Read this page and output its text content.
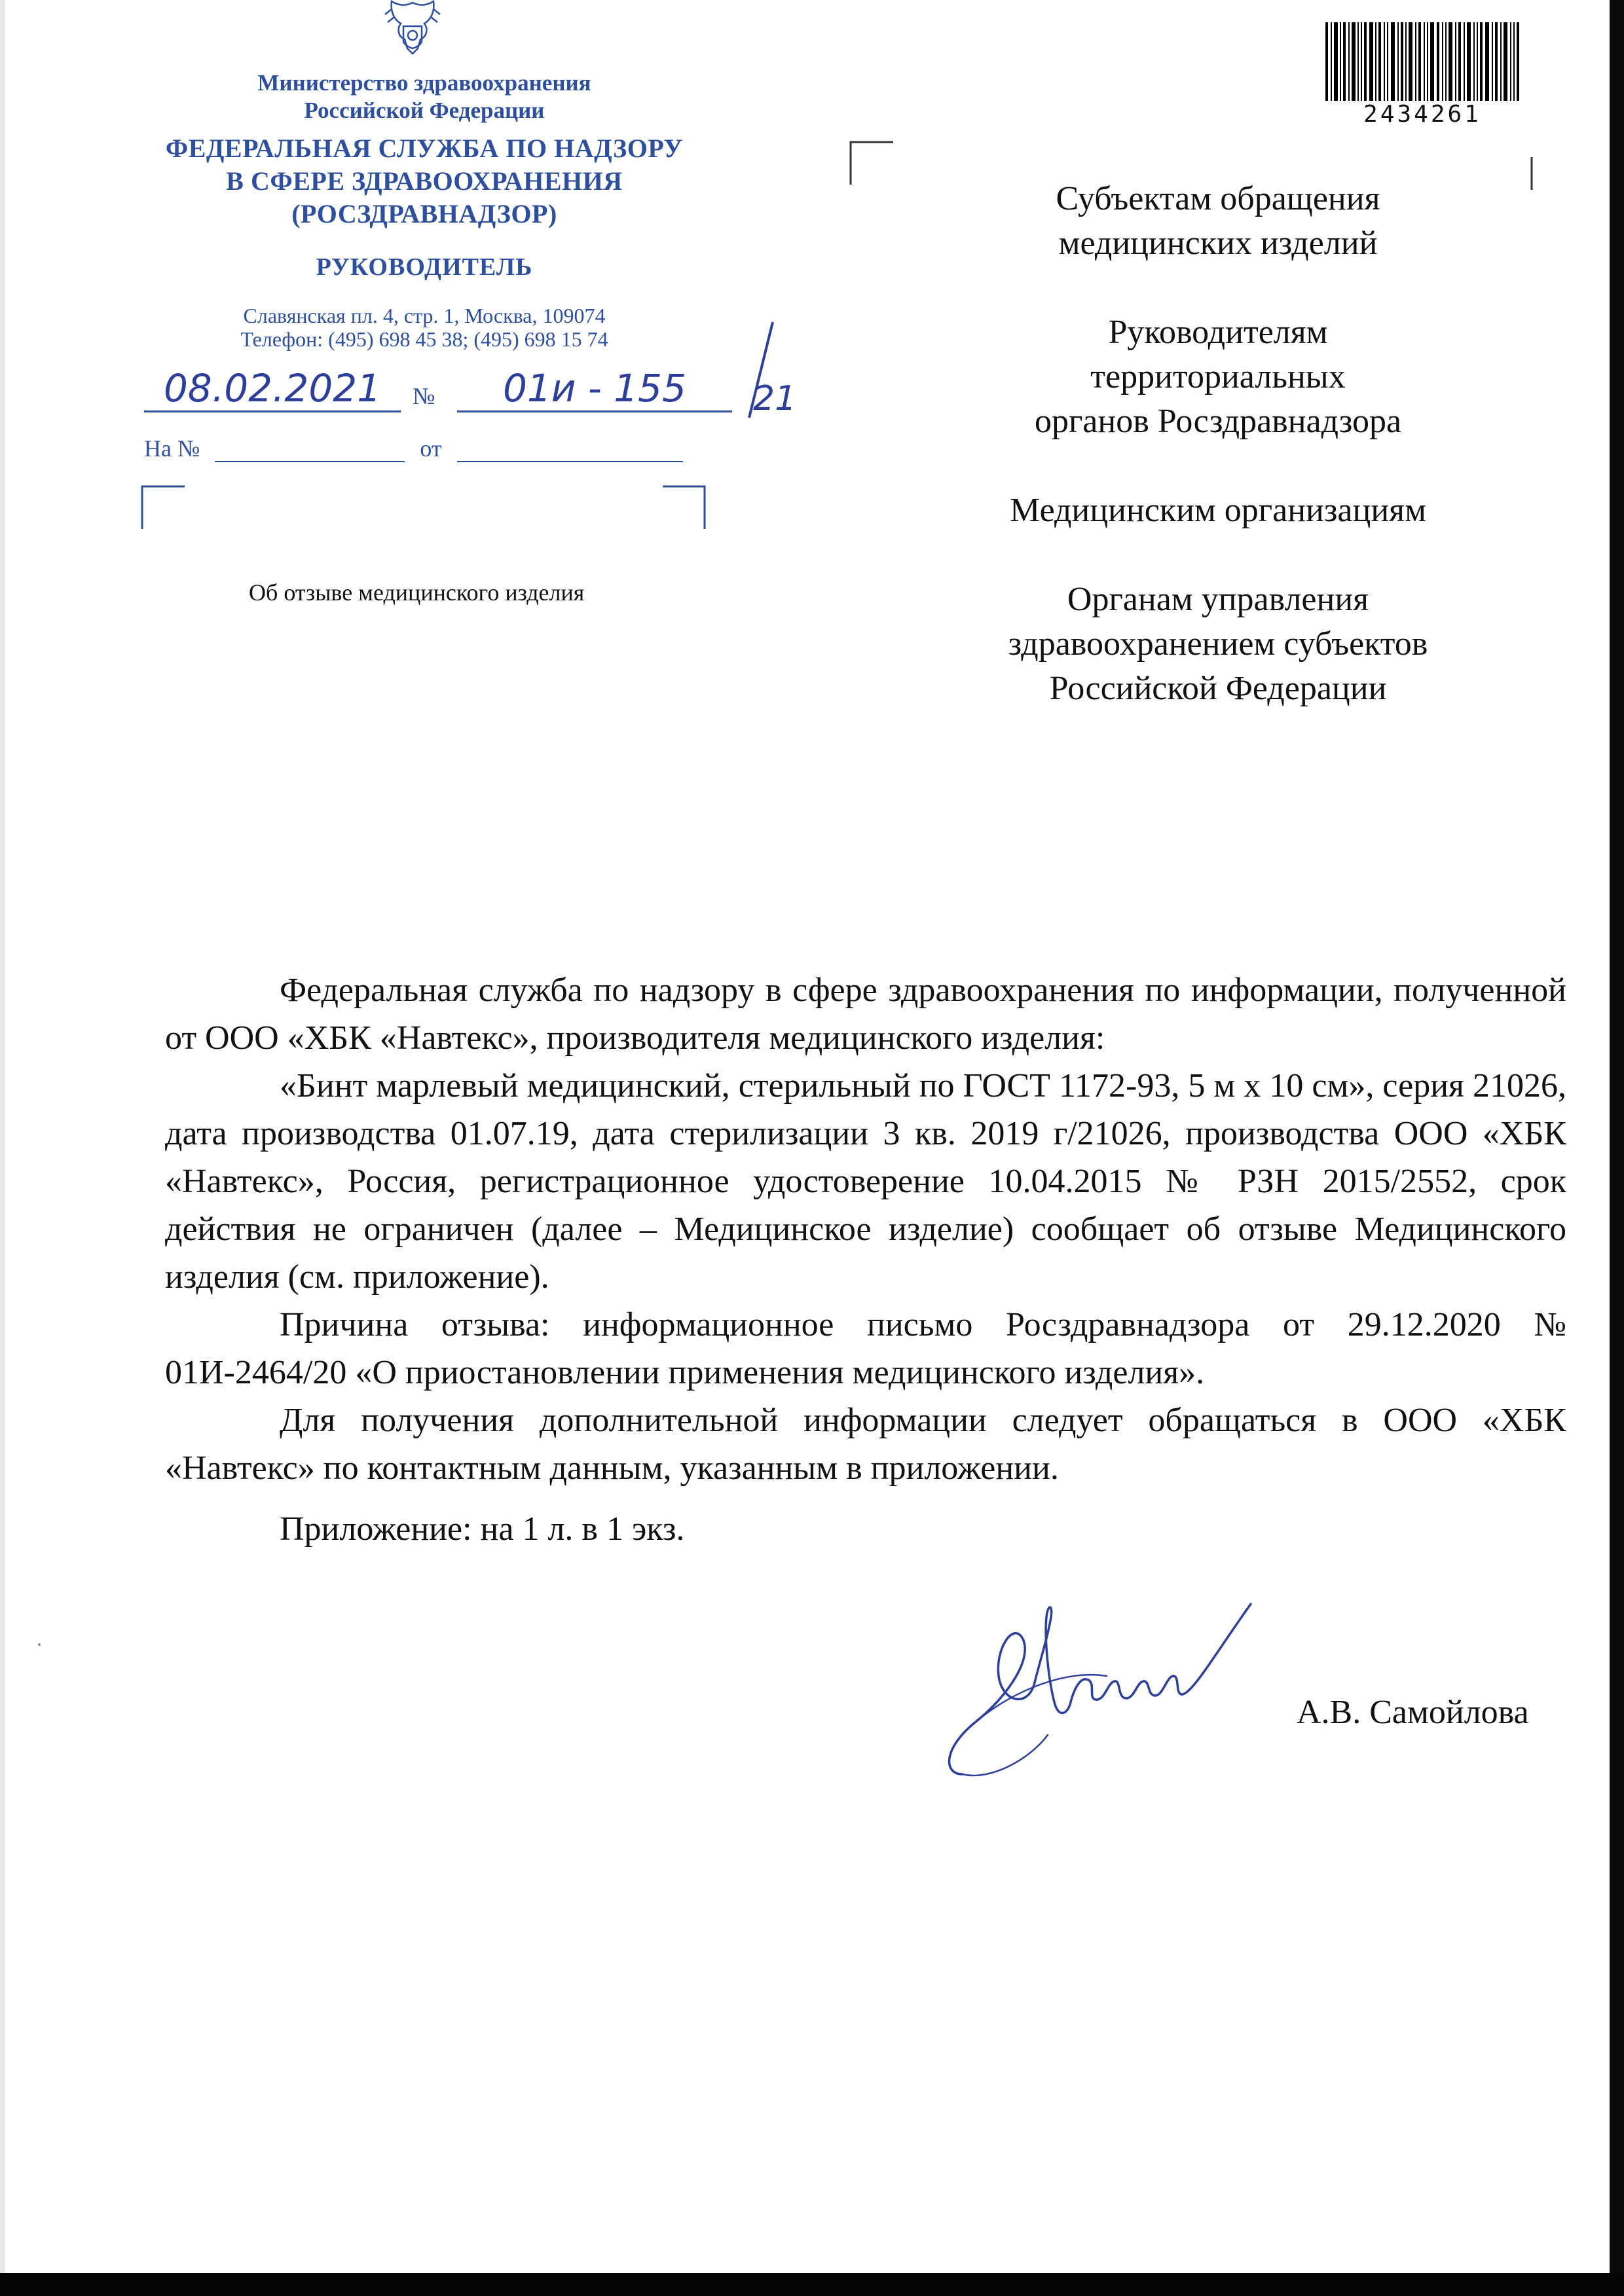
Министерство здравоохранения
Российской Федерации
ФЕДЕРАЛЬНАЯ СЛУЖБА ПО НАДЗОРУ
В СФЕРЕ ЗДРАВООХРАНЕНИЯ
(РОСЗДРАВНАДЗОР)
РУКОВОДИТЕЛЬ
Славянская пл. 4, стр. 1, Москва, 109074
Телефон: (495) 698 45 38; (495) 698 15 74
08.02.2021	№	01и - 155	21
На №	от
Об отзыве медицинского изделия
2434261
Субъектам обращения
медицинских изделий
Руководителям
территориальных
органов Росздравнадзора
Медицинским организациям
Органам управления
здравоохранением субъектов
Российской Федерации

Федеральная служба по надзору в сфере здравоохранения по информации, полученной от ООО «ХБК «Навтекс», производителя медицинского изделия:

«Бинт марлевый медицинский, стерильный по ГОСТ 1172-93, 5 м х 10 см», серия 21026, дата производства 01.07.19, дата стерилизации 3 кв. 2019 г/21026, производства ООО «ХБК «Навтекс», Россия, регистрационное удостоверение 10.04.2015 № РЗН 2015/2552, срок действия не ограничен (далее – Медицинское изделие) сообщает об отзыве Медицинского изделия (см. приложение).

Причина отзыва: информационное письмо Росздравнадзора от 29.12.2020 № 01И-2464/20 «О приостановлении применения медицинского изделия».

Для получения дополнительной информации следует обращаться в ООО «ХБК «Навтекс» по контактным данным, указанным в приложении.

Приложение: на 1 л. в 1 экз.
А.В. Самойлова
